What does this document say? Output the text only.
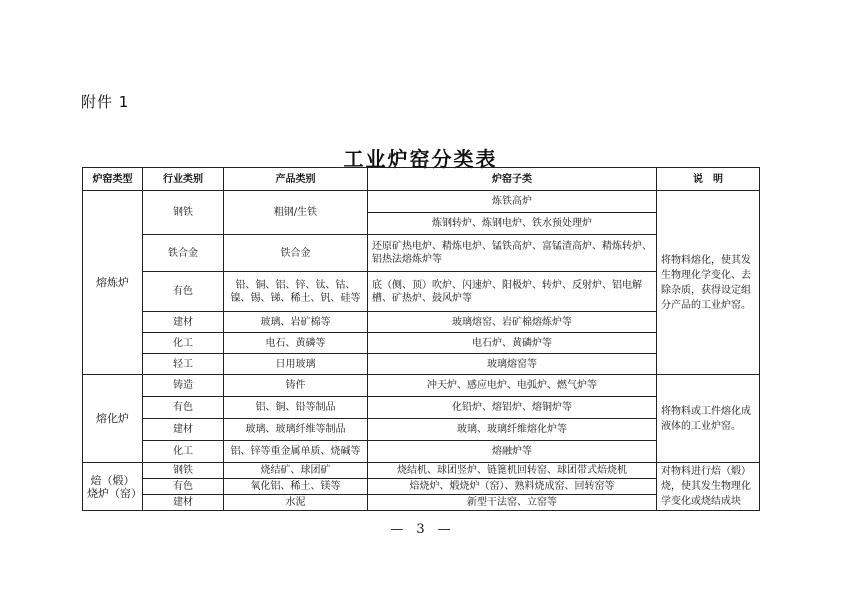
附件 1
工业炉窑分类表
炉窑类型	行业类别	产品类别	炉窑子类	说　明
熔炼炉	钢铁	粗钢/生铁	炼铁高炉	将物料熔化，使其发生物理化学变化、去除杂质，获得设定组分产品的工业炉窑。
			炼钢转炉、炼钢电炉、铁水预处理炉	
	铁合金	铁合金	还原矿热电炉、精炼电炉、锰铁高炉、富锰渣高炉、精炼转炉、铝热法熔炼炉等	
	有色	铅、铜、铝、锌、钛、钴、镍、锡、锑、稀土、钒、硅等	底（侧、顶）吹炉、闪速炉、阳极炉、转炉、反射炉、铝电解槽、矿热炉、鼓风炉等	
	建材	玻璃、岩矿棉等	玻璃熔窑、岩矿棉熔炼炉等	
	化工	电石、黄磷等	电石炉、黄磷炉等	
	轻工	日用玻璃	玻璃熔窑等	
熔化炉	铸造	铸件	冲天炉、感应电炉、电弧炉、燃气炉等	将物料或工件熔化成液体的工业炉窑。
	有色	铝、铜、铅等制品	化铅炉、熔铝炉、熔铜炉等	
	建材	玻璃、玻璃纤维等制品	玻璃、玻璃纤维熔化炉等	
	化工	铝、锌等重金属单质、烧碱等	熔融炉等	
焙（煅）烧炉（窑）	钢铁	烧结矿、球团矿	烧结机、球团竖炉、链篦机回转窑、球团带式焙烧机	对物料进行焙（煅）烧，使其发生物理化学变化或烧结成块
	有色	氧化铝、稀土、镁等	焙烧炉、煅烧炉（窑）、熟料烧成窑、回转窑等	
	建材	水泥	新型干法窑、立窑等	
—　3　—
